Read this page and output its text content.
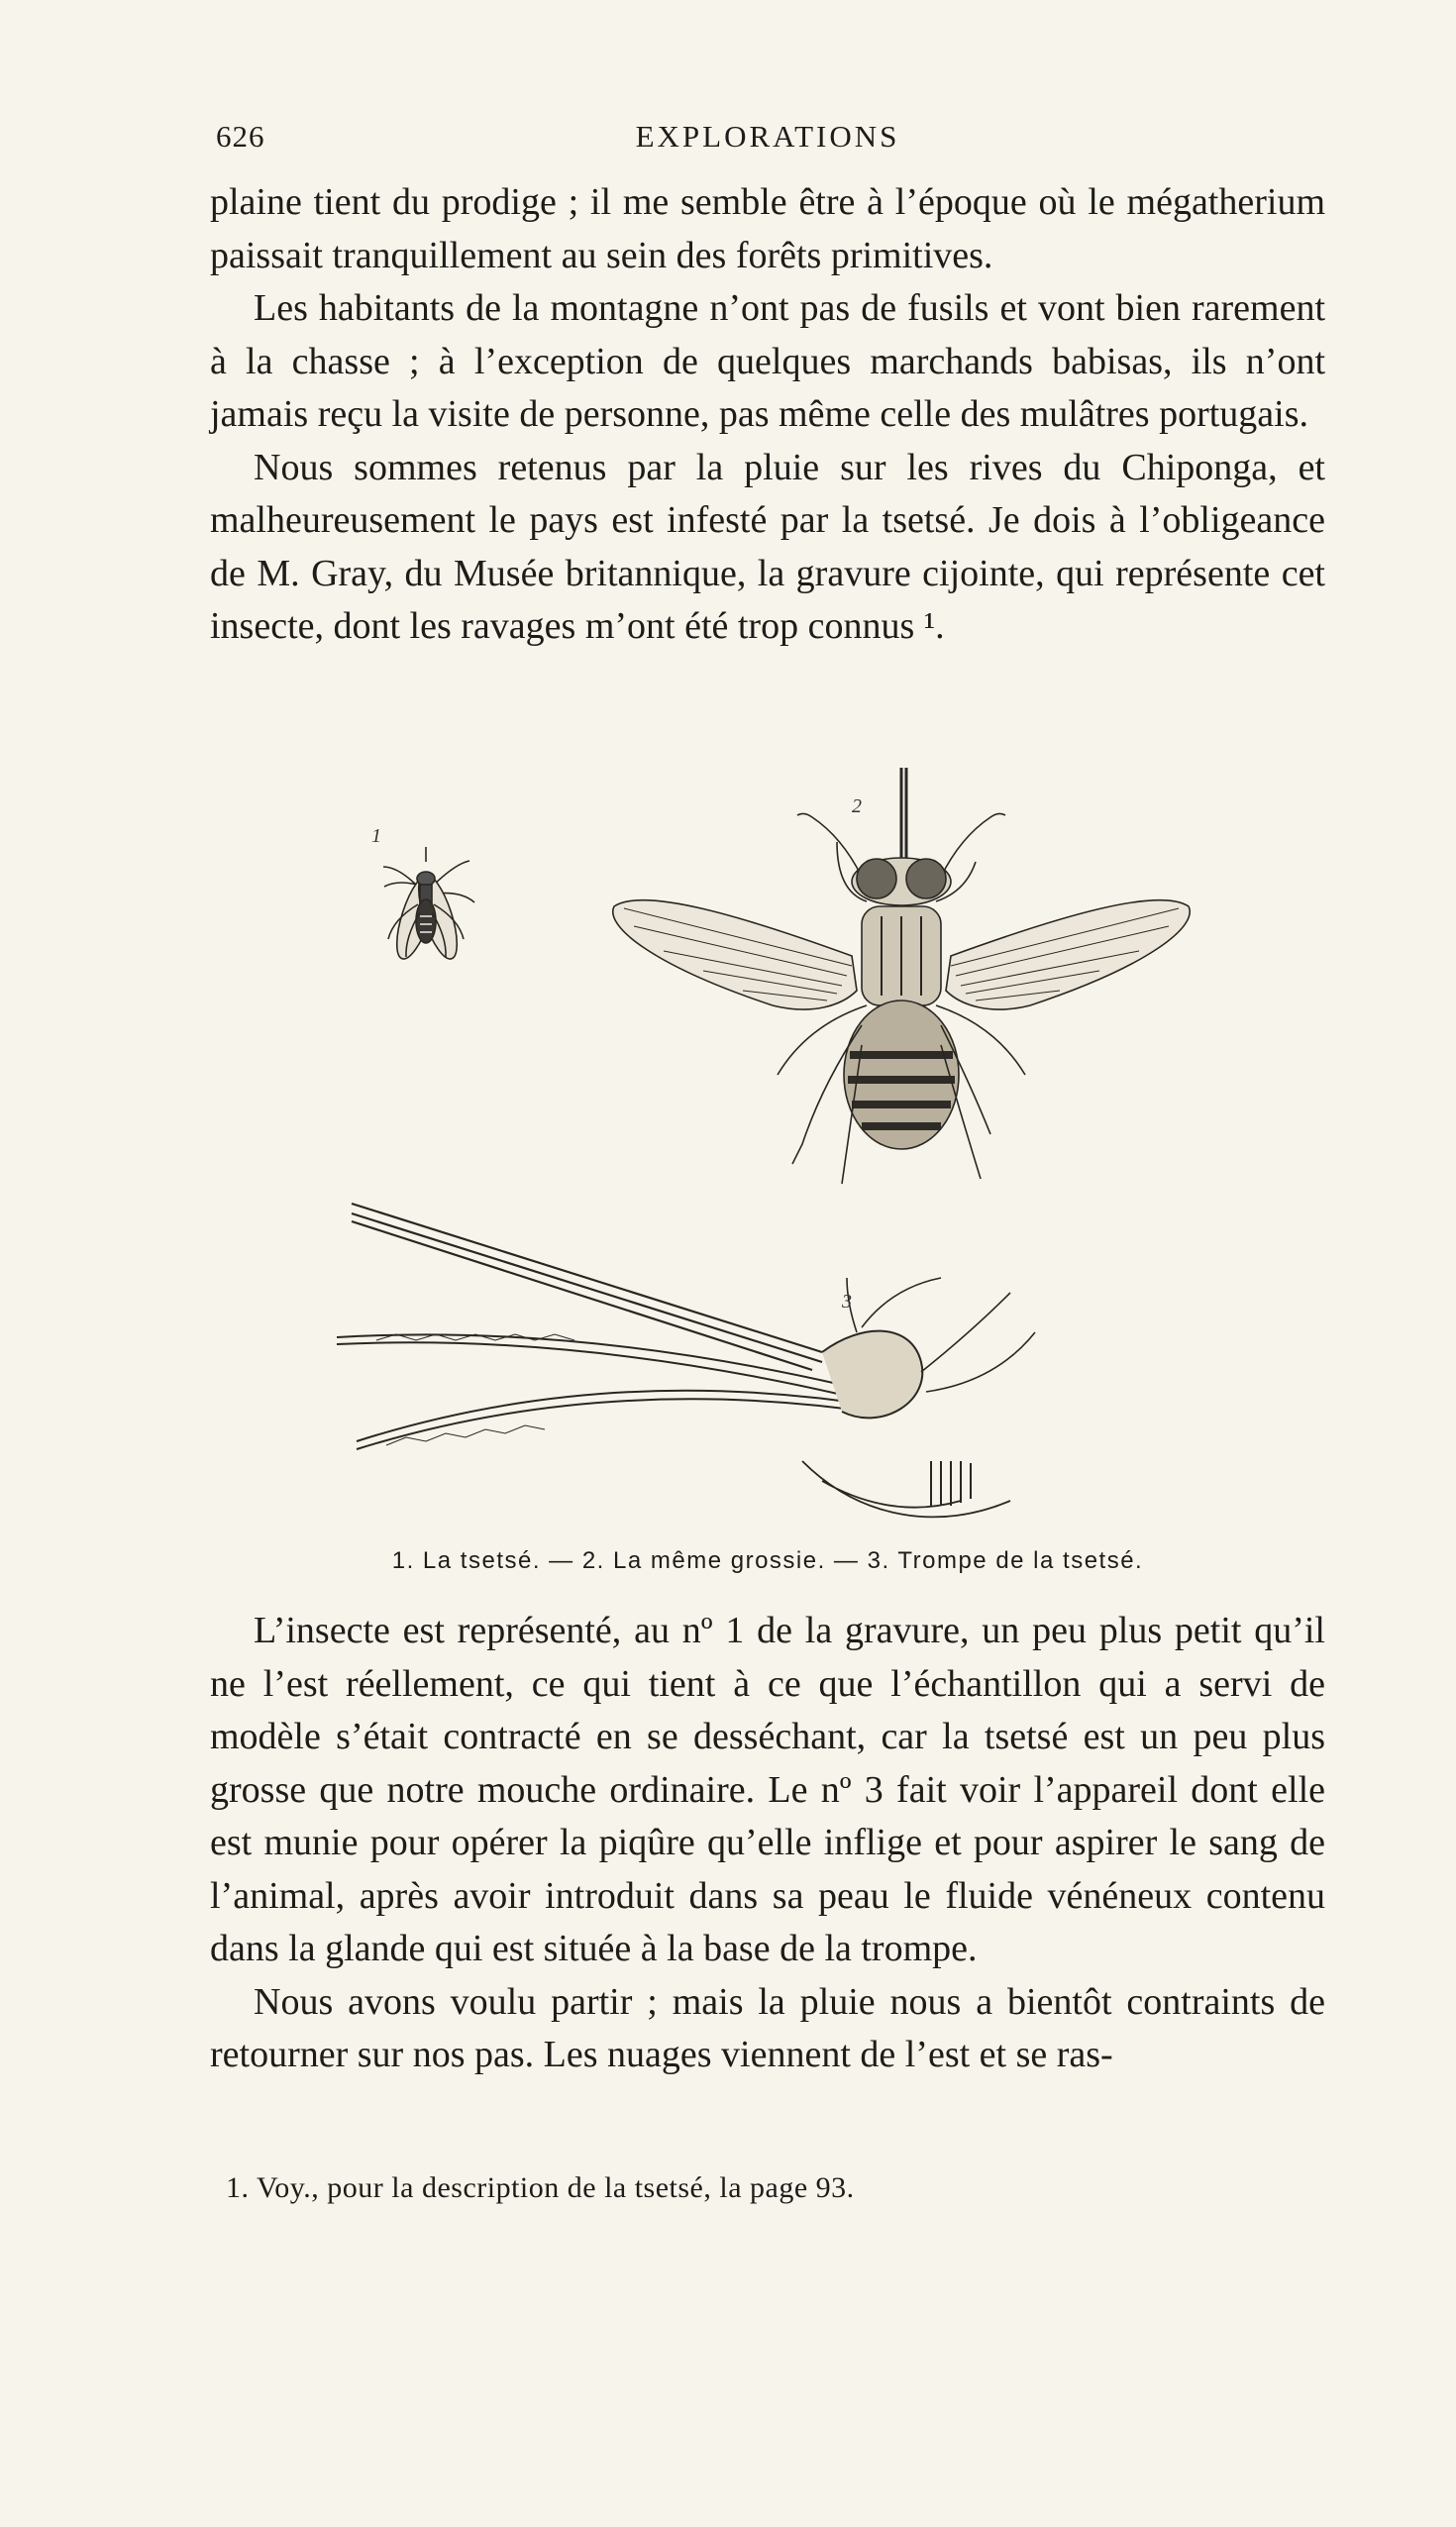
626	EXPLORATIONS

plaine tient du prodige ; il me semble être à l’époque où le mégatherium paissait tranquillement au sein des forêts primitives.

Les habitants de la montagne n’ont pas de fusils et vont bien rarement à la chasse ; à l’exception de quelques marchands babisas, ils n’ont jamais reçu la visite de personne, pas même celle des mulâtres portugais.

Nous sommes retenus par la pluie sur les rives du Chiponga, et malheureusement le pays est infesté par la tsetsé. Je dois à l’obligeance de M. Gray, du Musée britannique, la gravure cijointe, qui représente cet insecte, dont les ravages m’ont été trop connus ¹.

1
2
3
1. La tsetsé. — 2. La même grossie. — 3. Trompe de la tsetsé.

L’insecte est représenté, au nº 1 de la gravure, un peu plus petit qu’il ne l’est réellement, ce qui tient à ce que l’échantillon qui a servi de modèle s’était contracté en se desséchant, car la tsetsé est un peu plus grosse que notre mouche ordinaire. Le nº 3 fait voir l’appareil dont elle est munie pour opérer la piqûre qu’elle inflige et pour aspirer le sang de l’animal, après avoir introduit dans sa peau le fluide vénéneux contenu dans la glande qui est située à la base de la trompe.

Nous avons voulu partir ; mais la pluie nous a bientôt contraints de retourner sur nos pas. Les nuages viennent de l’est et se ras-

1. Voy., pour la description de la tsetsé, la page 93.
